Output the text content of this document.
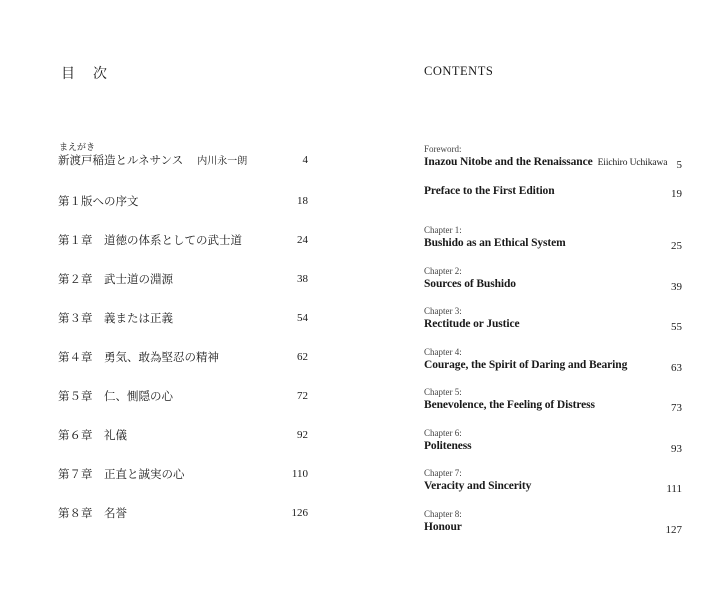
目　次
まえがき
新渡戸稲造とルネサンス 内川永一朗	4
第１版への序文	18
第１章　道徳の体系としての武士道	24
第２章　武士道の淵源	38
第３章　義または正義	54
第４章　勇気、敢為堅忍の精神	62
第５章　仁、惻隠の心	72
第６章　礼儀	92
第７章　正直と誠実の心	110
第８章　名誉	126
CONTENTS
Foreword:
Inazou Nitobe and the Renaissance Eiichiro Uchikawa 5
Preface to the First Edition	19
Chapter 1:
Bushido as an Ethical System	25
Chapter 2:
Sources of Bushido	39
Chapter 3:
Rectitude or Justice	55
Chapter 4:
Courage, the Spirit of Daring and Bearing	63
Chapter 5:
Benevolence, the Feeling of Distress	73
Chapter 6:
Politeness	93
Chapter 7:
Veracity and Sincerity	111
Chapter 8:
Honour	127
